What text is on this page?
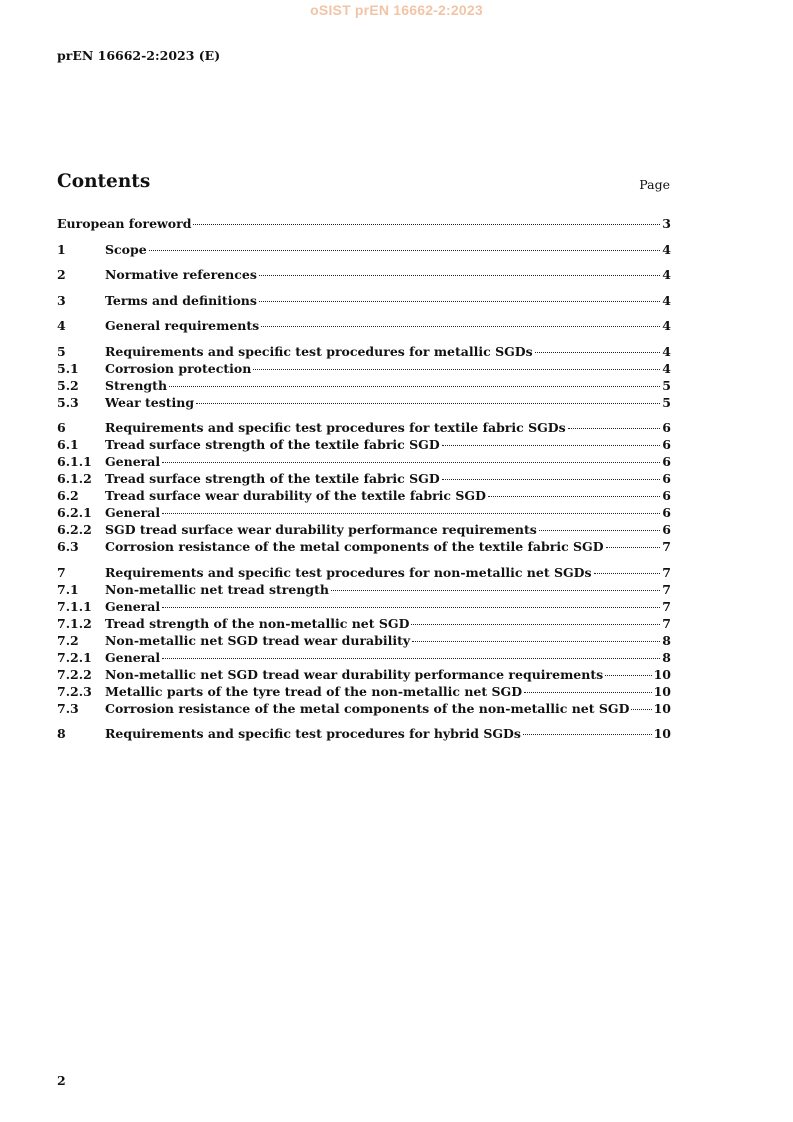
oSIST prEN 16662-2:2023
prEN 16662-2:2023 (E)
Contents	Page
European foreword	3
1	Scope	4
2	Normative references	4
3	Terms and definitions	4
4	General requirements	4
5	Requirements and specific test procedures for metallic SGDs	4
5.1	Corrosion protection	4
5.2	Strength	5
5.3	Wear testing	5
6	Requirements and specific test procedures for textile fabric SGDs	6
6.1	Tread surface strength of the textile fabric SGD	6
6.1.1	General	6
6.1.2	Tread surface strength of the textile fabric SGD	6
6.2	Tread surface wear durability of the textile fabric SGD	6
6.2.1	General	6
6.2.2	SGD tread surface wear durability performance requirements	6
6.3	Corrosion resistance of the metal components of the textile fabric SGD	7
7	Requirements and specific test procedures for non-metallic net SGDs	7
7.1	Non-metallic net tread strength	7
7.1.1	General	7
7.1.2	Tread strength of the non-metallic net SGD	7
7.2	Non-metallic net SGD tread wear durability	8
7.2.1	General	8
7.2.2	Non-metallic net SGD tread wear durability performance requirements	10
7.2.3	Metallic parts of the tyre tread of the non-metallic net SGD	10
7.3	Corrosion resistance of the metal components of the non-metallic net SGD 10
8	Requirements and specific test procedures for hybrid SGDs	10
2
